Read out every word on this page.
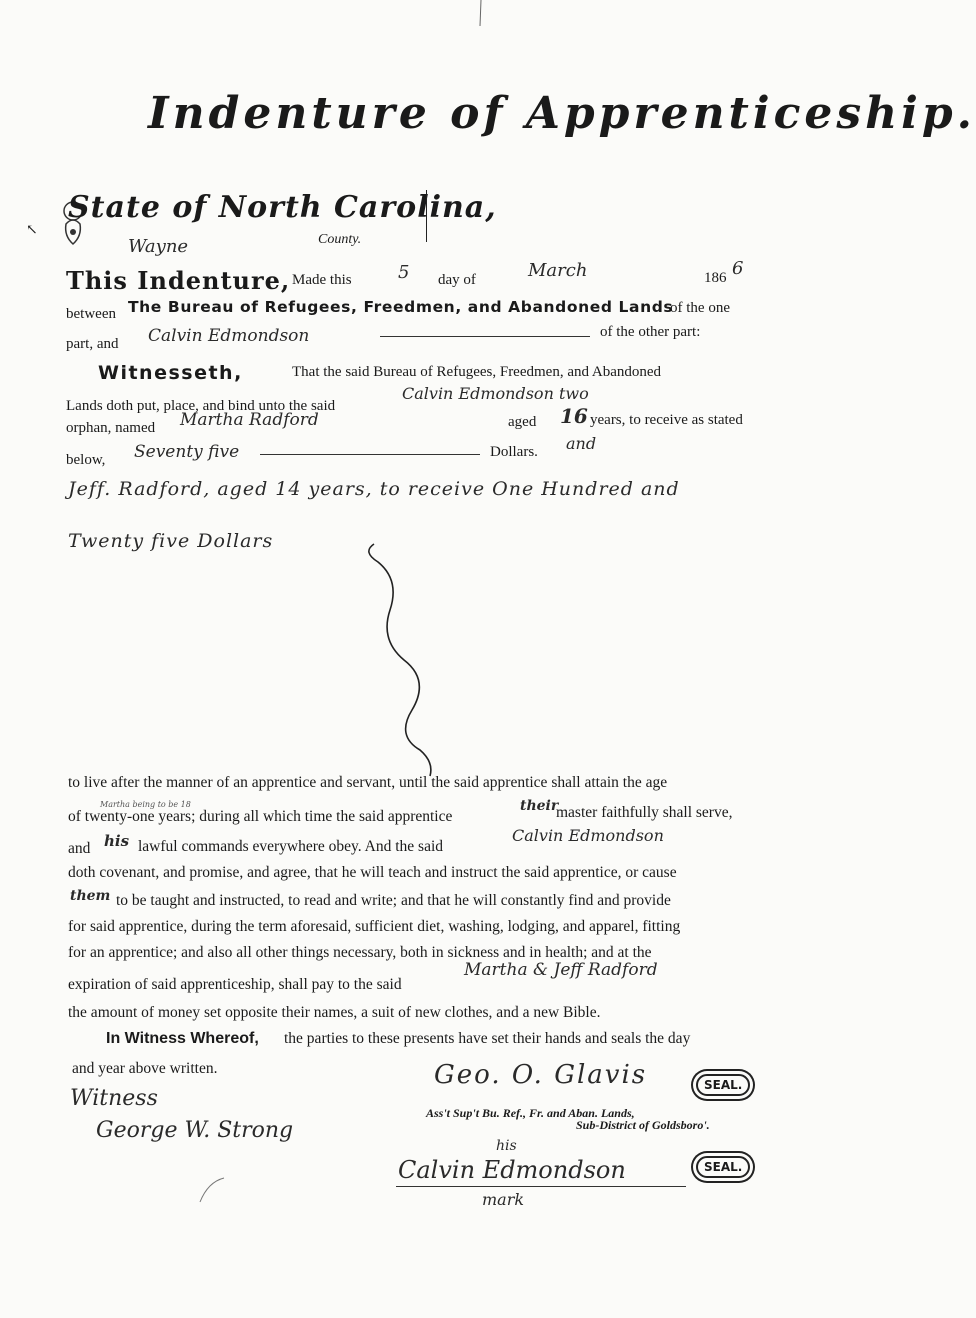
Indenture of Apprenticeship.
↖
State of North Carolina,
Wayne	County.
This Indenture, Made this	5 day of	March	186 6
between The Bureau of Refugees, Freedmen, and Abandoned Lands
of the one
part, and Calvin Edmondson	of the other part:
Witnesseth,	That the said Bureau of Refugees, Freedmen, and Abandoned
Lands doth put, place, and bind unto the said
Calvin Edmondson two
orphan, named Martha Radford	aged 16 years, to receive as stated
below, Seventy five	Dollars. and
Jeff. Radford, aged 14 years, to receive One Hundred and
Twenty five Dollars
to live after the manner of an apprentice and servant, until the said apprentice shall attain the age
Martha being to be 18
of twenty-one years; during all which time the said apprentice
their
master faithfully shall serve,
and his lawful commands everywhere obey. And the said
Calvin Edmondson
doth covenant, and promise, and agree, that he will teach and instruct the said apprentice, or cause
them to be taught and instructed, to read and write; and that he will constantly find and provide
for said apprentice, during the term aforesaid, sufficient diet, washing, lodging, and apparel, fitting
for an apprentice; and also all other things necessary, both in sickness and in health; and at the
expiration of said apprenticeship, shall pay to the said
Martha & Jeff Radford
the amount of money set opposite their names, a suit of new clothes, and a new Bible.
In Witness Whereof, the parties to these presents have set their hands and seals the day
and year above written.
Witness
George W. Strong
Geo. O. Glavis	SEAL.
Ass't Sup't Bu. Ref., Fr. and Aban. Lands,
Sub-District of Goldsboro'.
his
Calvin Edmondson	SEAL.
mark
